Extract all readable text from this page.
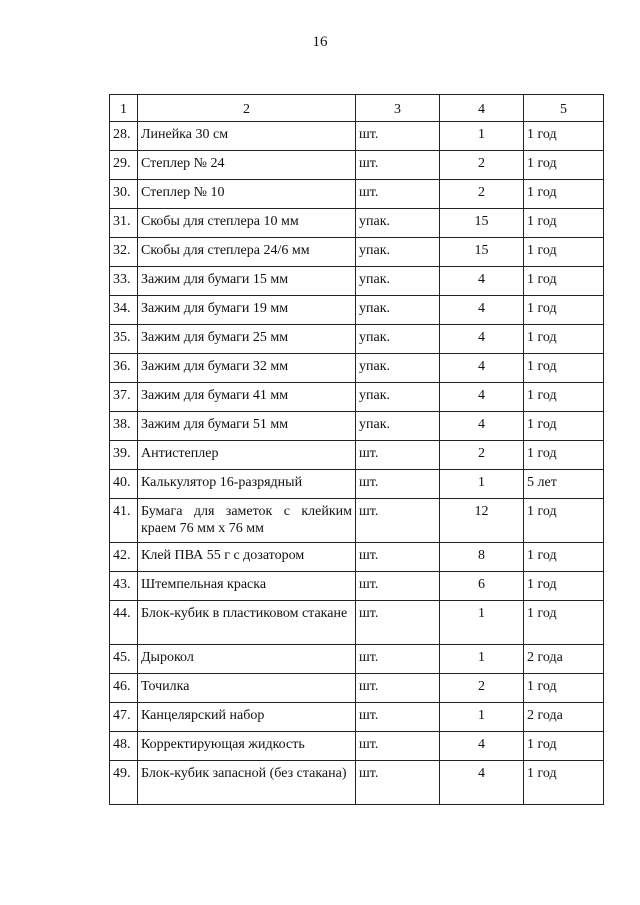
16
1	2	3	4	5
28.	Линейка 30 см	шт.	1	1 год
29.	Степлер № 24	шт.	2	1 год
30.	Степлер № 10	шт.	2	1 год
31.	Скобы для степлера 10 мм	упак.	15	1 год
32.	Скобы для степлера 24/6 мм	упак.	15	1 год
33.	Зажим для бумаги 15 мм	упак.	4	1 год
34.	Зажим для бумаги 19 мм	упак.	4	1 год
35.	Зажим для бумаги 25 мм	упак.	4	1 год
36.	Зажим для бумаги 32 мм	упак.	4	1 год
37.	Зажим для бумаги 41 мм	упак.	4	1 год
38.	Зажим для бумаги 51 мм	упак.	4	1 год
39.	Антистеплер	шт.	2	1 год
40.	Калькулятор 16-разрядный	шт.	1	5 лет
41.	Бумага для заметок с клейким краем 76 мм х 76 мм	шт.	12	1 год
42.	Клей ПВА 55 г с дозатором	шт.	8	1 год
43.	Штемпельная краска	шт.	6	1 год
44.	Блок-кубик в пластиковом стакане	шт.	1	1 год
45.	Дырокол	шт.	1	2 года
46.	Точилка	шт.	2	1 год
47.	Канцелярский набор	шт.	1	2 года
48.	Корректирующая жидкость	шт.	4	1 год
49.	Блок-кубик запасной (без стакана)	шт.	4	1 год
